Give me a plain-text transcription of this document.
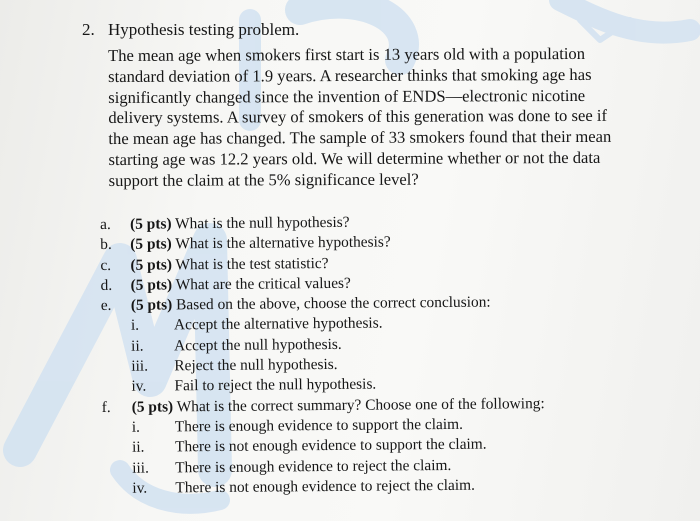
2. Hypothesis testing problem.
The mean age when smokers first start is 13 years old with a population
standard deviation of 1.9 years. A researcher thinks that smoking age has
significantly changed since the invention of ENDS—electronic nicotine
delivery systems. A survey of smokers of this generation was done to see if
the mean age has changed. The sample of 33 smokers found that their mean
starting age was 12.2 years old. We will determine whether or not the data
support the claim at the 5% significance level?
a.	(5 pts) What is the null hypothesis?
b.	(5 pts) What is the alternative hypothesis?
c.	(5 pts) What is the test statistic?
d.	(5 pts) What are the critical values?
e.	(5 pts) Based on the above, choose the correct conclusion:
i.	Accept the alternative hypothesis.
ii.	Accept the null hypothesis.
iii.	Reject the null hypothesis.
iv.	Fail to reject the null hypothesis.
f.	(5 pts) What is the correct summary? Choose one of the following:
i.	There is enough evidence to support the claim.
ii.	There is not enough evidence to support the claim.
iii.	There is enough evidence to reject the claim.
iv.	There is not enough evidence to reject the claim.
